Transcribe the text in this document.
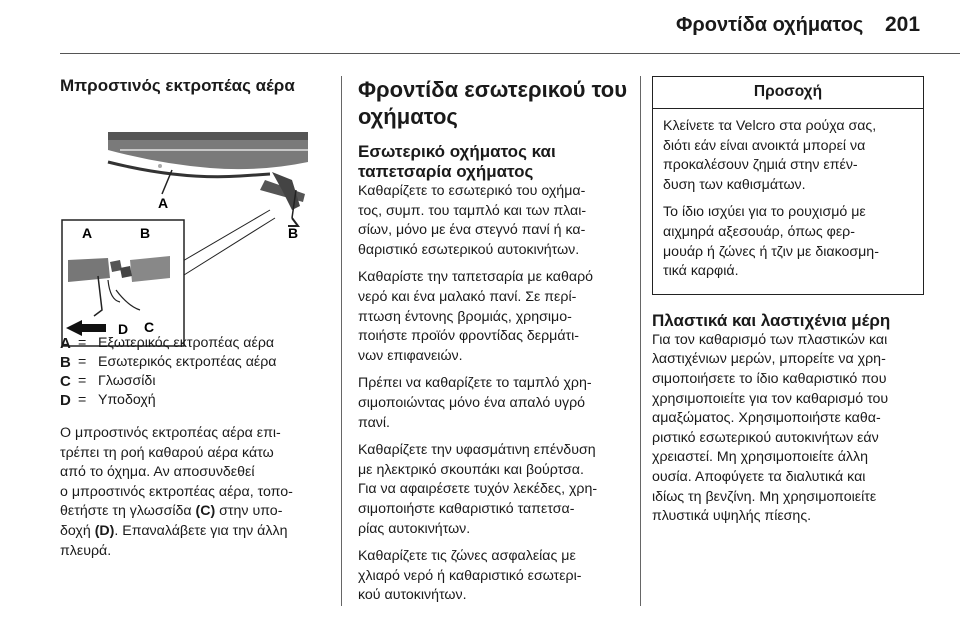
Φροντίδα οχήματος 201
Μπροστινός εκτροπέας αέρα
A
B
A	B
D C
A = Εξωτερικός εκτροπέας αέρα
B = Εσωτερικός εκτροπέας αέρα
C = Γλωσσίδι
D = Υποδοχή

Ο μπροστινός εκτροπέας αέρα επι-
τρέπει τη ροή καθαρού αέρα κάτω
από το όχημα. Αν αποσυνδεθεί
ο μπροστινός εκτροπέας αέρα, τοπο-
θετήστε τη γλωσσίδα (C) στην υπο-
δοχή (D). Επαναλάβετε για την άλλη
πλευρά.

Φροντίδα εσωτερικού του
οχήματος
Εσωτερικό οχήματος και
ταπετσαρία οχήματος

Καθαρίζετε το εσωτερικό του οχήμα-
τος, συμπ. του ταμπλό και των πλαι-
σίων, μόνο με ένα στεγνό πανί ή κα-
θαριστικό εσωτερικού αυτοκινήτων.

Καθαρίστε την ταπετσαρία με καθαρό
νερό και ένα μαλακό πανί. Σε περί-
πτωση έντονης βρομιάς, χρησιμο-
ποιήστε προϊόν φροντίδας δερμάτι-
νων επιφανειών.

Πρέπει να καθαρίζετε το ταμπλό χρη-
σιμοποιώντας μόνο ένα απαλό υγρό
πανί.

Καθαρίζετε την υφασμάτινη επένδυση
με ηλεκτρικό σκουπάκι και βούρτσα.
Για να αφαιρέσετε τυχόν λεκέδες, χρη-
σιμοποιήστε καθαριστικό ταπετσα-
ρίας αυτοκινήτων.

Καθαρίζετε τις ζώνες ασφαλείας με
χλιαρό νερό ή καθαριστικό εσωτερι-
κού αυτοκινήτων.

Προσοχή

Κλείνετε τα Velcro στα ρούχα σας,
διότι εάν είναι ανοικτά μπορεί να
προκαλέσουν ζημιά στην επέν-
δυση των καθισμάτων.

Το ίδιο ισχύει για το ρουχισμό με
αιχμηρά αξεσουάρ, όπως φερ-
μουάρ ή ζώνες ή τζιν με διακοσμη-
τικά καρφιά.

Πλαστικά και λαστιχένια μέρη

Για τον καθαρισμό των πλαστικών και
λαστιχένιων μερών, μπορείτε να χρη-
σιμοποιήσετε το ίδιο καθαριστικό που
χρησιμοποιείτε για τον καθαρισμό του
αμαξώματος. Χρησιμοποιήστε καθα-
ριστικό εσωτερικού αυτοκινήτων εάν
χρειαστεί. Μη χρησιμοποιείτε άλλη
ουσία. Αποφύγετε τα διαλυτικά και
ιδίως τη βενζίνη. Μη χρησιμοποιείτε
πλυστικά υψηλής πίεσης.
